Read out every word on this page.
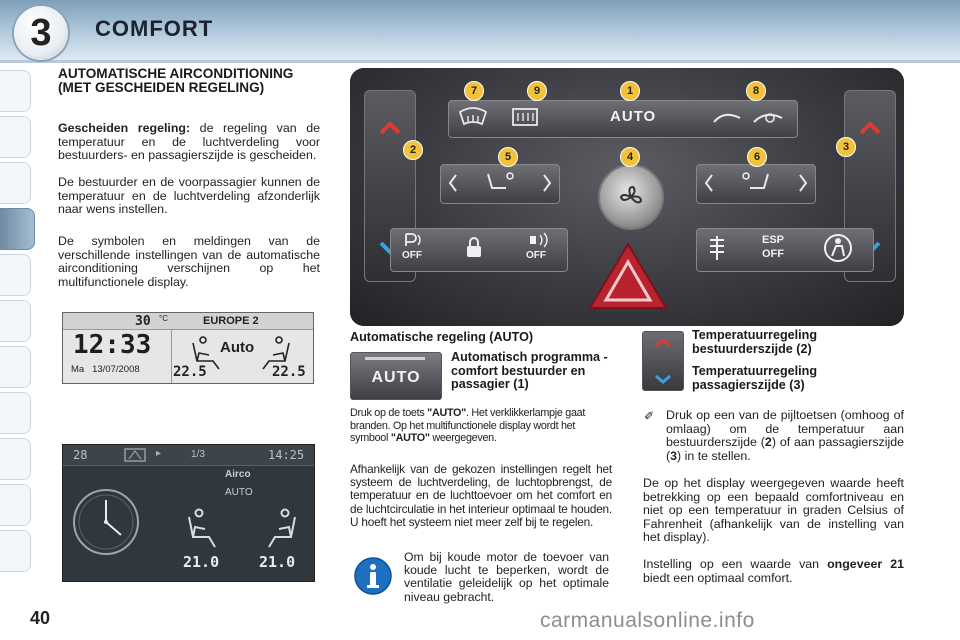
3	COMFORT
AUTOMATISCHE AIRCONDITIONING (MET GESCHEIDEN REGELING)
Gescheiden regeling: de regeling van de temperatuur en de luchtverdeling voor bestuurders- en passagierszijde is gescheiden.
De bestuurder en de voorpassagier kunnen de temperatuur en de luchtverdeling afzonderlijk naar wens instellen.
De symbolen en meldingen van de verschillende instellingen van de automatische airconditioning verschijnen op het multifunctionele display.
30 °C	EUROPE 2
12:33
Ma   13/07/2008
Auto
22.5	22.5
28	▸	1/3	14:25
Airco
AUTO
21.0	21.0
AUTO
OFF	OFF
ESP
OFF
7	9	1	8
2
5	4	6
3
Automatische regeling (AUTO)
AUTO
Automatisch programma - comfort bestuurder en passagier (1)
Druk op de toets "AUTO". Het verklikkerlampje gaat branden. Op het multifunctionele display wordt het symbool "AUTO" weergegeven.
Afhankelijk van de gekozen instellingen regelt het systeem de luchtverdeling, de luchtopbrengst, de temperatuur en de luchttoevoer om het comfort en de luchtcirculatie in het interieur optimaal te houden. U hoeft het systeem niet meer zelf bij te regelen.
Om bij koude motor de toevoer van koude lucht te beperken, wordt de ventilatie geleidelijk op het optimale niveau gebracht.
Temperatuurregeling bestuurderszijde (2)
Temperatuurregeling passagierszijde (3)
✐ Druk op een van de pijltoetsen (omhoog of omlaag) om de temperatuur aan bestuurderszijde (2) of aan passagierszijde (3) in te stellen.
De op het display weergegeven waarde heeft betrekking op een bepaald comfortniveau en niet op een temperatuur in graden Celsius of Fahrenheit (afhankelijk van de instelling van het display).
Instelling op een waarde van ongeveer 21 biedt een optimaal comfort.
40	carmanualsonline.info
